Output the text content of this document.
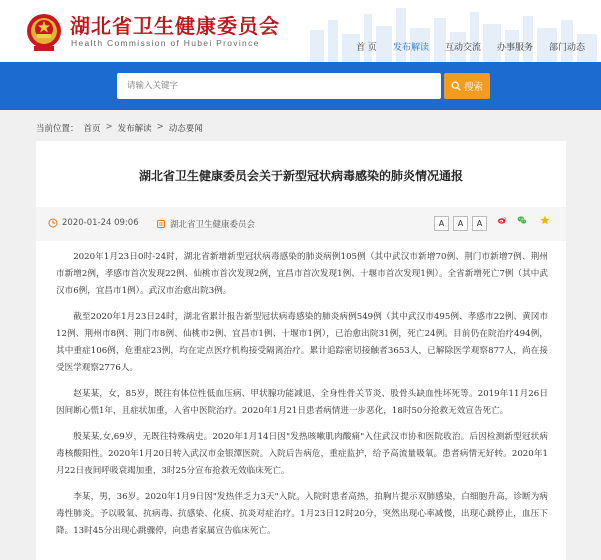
湖北省卫生健康委员会
Health Commission of Hubei Province	首 页	发布解读	互动交流	办事服务	部门动态
请输入关键字
搜索
当前位置： 首页 > 发布解读 > 动态要闻
湖北省卫生健康委员会关于新型冠状病毒感染的肺炎情况通报
2020-01-24 09:06	湖北省卫生健康委员会	A	A	A

2020年1月23日0时-24时，湖北省新增新型冠状病毒感染的肺炎病例105例（其中武汉市新增70例、荆门市新增7例、荆州市新增2例，孝感市首次发现22例、仙桃市首次发现2例，宜昌市首次发现1例、十堰市首次发现1例）。全省新增死亡7例（其中武汉市6例，宜昌市1例）。武汉市治愈出院3例。

截至2020年1月23日24时，湖北省累计报告新型冠状病毒感染的肺炎病例549例（其中武汉市495例、孝感市22例、黄冈市12例、荆州市8例、荆门市8例、仙桃市2例、宜昌市1例、十堰市1例），已治愈出院31例，死亡24例。目前仍在院治疗494例，其中重症106例，危重症23例，均在定点医疗机构接受隔离治疗。累计追踪密切接触者3653人，已解除医学观察877人，尚在接受医学观察2776人。

赵某某，女，85岁，既往有体位性低血压病、甲状腺功能减退、全身性骨关节炎、股骨头缺血性坏死等。2019年11月26日因间断心慌1年，且症状加重，入省中医院治疗。2020年1月21日患者病情进一步恶化，18时50分抢救无效宣告死亡。

殷某某,女,69岁，无既往特殊病史。2020年1月14日因"发热咳嗽肌肉酸痛"入住武汉市协和医院收治。后因检测新型冠状病毒核酸阳性。2020年1月20日转入武汉市金银潭医院。入院后告病危，重症监护，给予高流量吸氧。患者病情无好转。2020年1月22日夜间呼吸衰竭加重，3时25分宣布抢救无效临床死亡。

李某，男，36岁。2020年1月9日因"发热伴乏力3天"入院。入院时患者高热，拍胸片提示双肺感染，白细胞升高，诊断为病毒性肺炎。予以吸氧、抗病毒、抗感染、化痰、抗炎对症治疗。1月23日12时20分，突然出现心率减慢，出现心跳停止，血压下降。13时45分出现心跳骤停，向患者家属宣告临床死亡。
